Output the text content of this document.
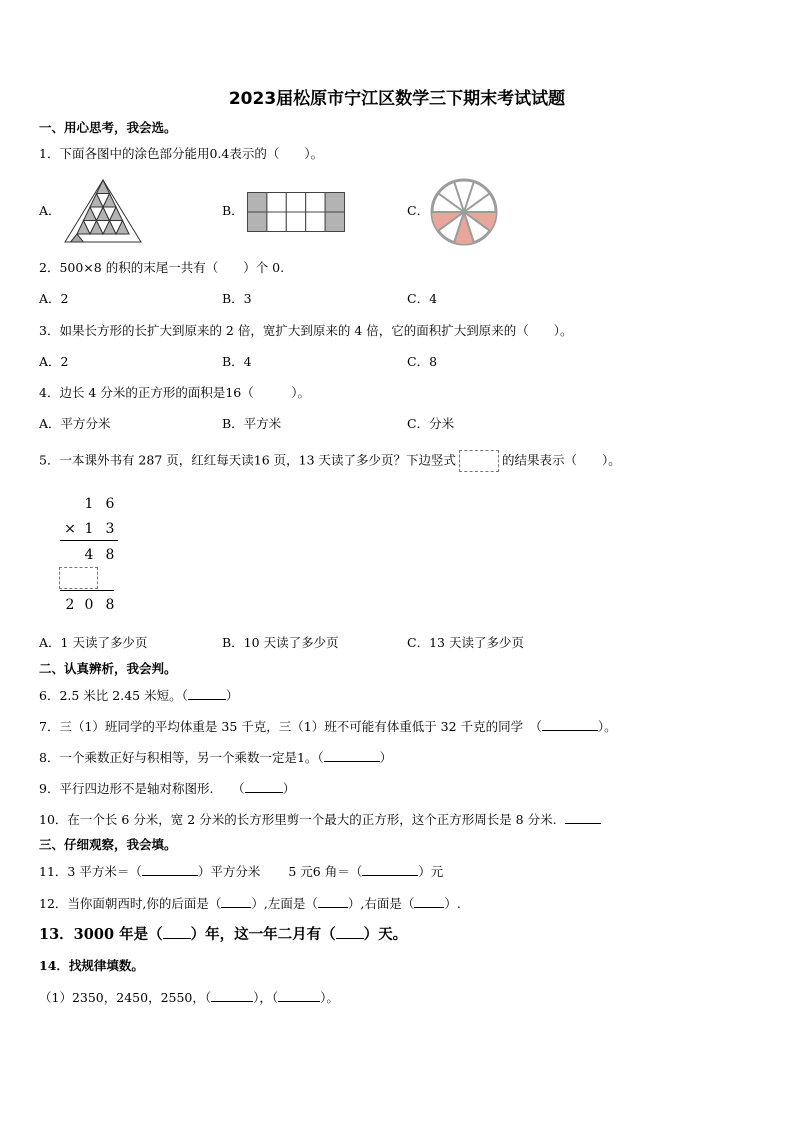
2023届松原市宁江区数学三下期末考试试题
一、用心思考，我会选。
1．下面各图中的涂色部分能用0.4表示的（　　）。
A．	B．	C．
2．500×8 的积的末尾一共有（　　）个 0.
A．2	B．3	C．4
3．如果长方形的长扩大到原来的 2 倍，宽扩大到原来的 4 倍，它的面积扩大到原来的（　　）。
A．2	B．4	C．8
4．边长 4 分米的正方形的面积是16（　　　）。
A．平方分米	B．平方米	C．分米
5．一本课外书有 287 页，红红每天读16 页，13 天读了多少页？下边竖式	的结果表示（　　）。
1 6
× 1 3
4 8
2 0 8
A．1 天读了多少页	B．10 天读了多少页	C．13 天读了多少页
二、认真辨析，我会判。
6．2.5 米比 2.45 米短。（	）
7．三（1）班同学的平均体重是 35 千克，三（1）班不可能有体重低于 32 千克的同学　（	）。
8．一个乘数正好与积相等，另一个乘数一定是1。（	）
9．平行四边形不是轴对称图形.　　（	）
10．在一个长 6 分米，宽 2 分米的长方形里剪一个最大的正方形，这个正方形周长是 8 分米.
三、仔细观察，我会填。
11．3 平方米＝（	）平方分米 5 元6 角＝（	）元
12．当你面朝西时,你的后面是（ ）,左面是（ ）,右面是（ ）.
13．3000 年是（ ）年，这一年二月有（ ）天。
14．找规律填数。
（1）2350，2450，2550，（	），（	）。
